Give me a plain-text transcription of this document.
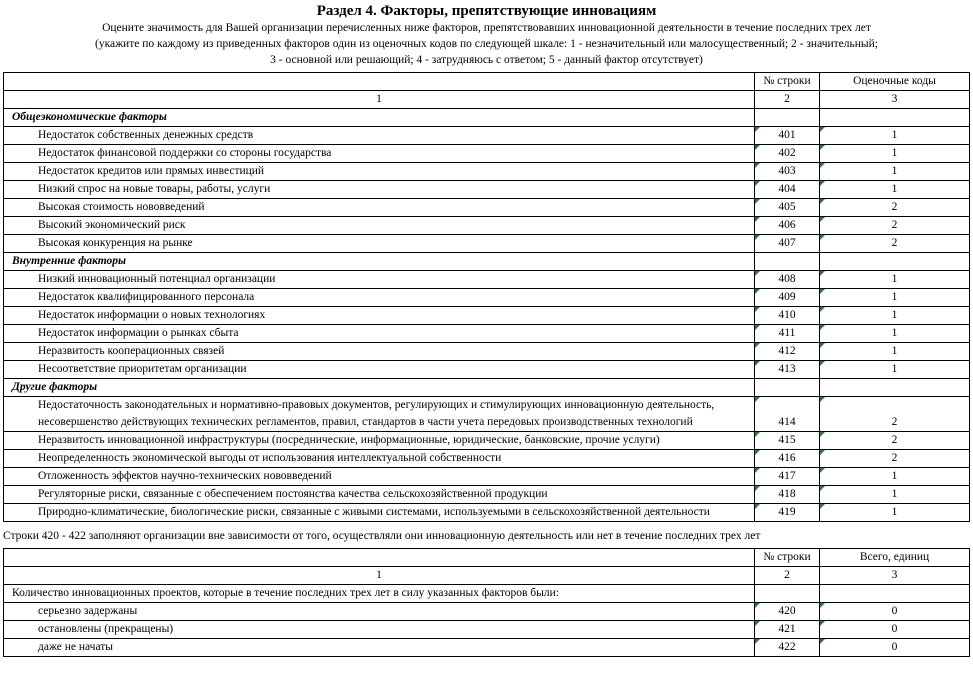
Раздел 4. Факторы, препятствующие инновациям
Оцените значимость для Вашей организации перечисленных ниже факторов, препятствовавших инновационной деятельности в течение последних трех лет
(укажите по каждому из приведенных факторов один из оценочных кодов по следующей шкале: 1 - незначительный или малосущественный; 2 - значительный;
3 - основной или решающий; 4 - затрудняюсь с ответом; 5 - данный фактор отсутствует)
	№ строки	Оценочные коды
1	2	3
Общеэкономические факторы		
Недостаток собственных денежных средств	401	1
Недостаток финансовой поддержки со стороны государства	402	1
Недостаток кредитов или прямых инвестиций	403	1
Низкий спрос на новые товары, работы, услуги	404	1
Высокая стоимость нововведений	405	2
Высокий экономический риск	406	2
Высокая конкуренция на рынке	407	2
Внутренние факторы		
Низкий инновационный потенциал организации	408	1
Недостаток квалифицированного персонала	409	1
Недостаток информации о новых технологиях	410	1
Недостаток информации о рынках сбыта	411	1
Неразвитость кооперационных связей	412	1
Несоответствие приоритетам организации	413	1
Другие факторы		
Недостаточность законодательных и нормативно-правовых документов, регулирующих и стимулирующих инновационную деятельность, несовершенство действующих технических регламентов, правил, стандартов в части учета передовых производственных технологий	414	2
Неразвитость инновационной инфраструктуры (посреднические, информационные, юридические, банковские, прочие услуги)	415	2
Неопределенность экономической выгоды от использования интеллектуальной собственности	416	2
Отложенность эффектов научно-технических нововведений	417	1
Регуляторные риски, связанные с обеспечением постоянства качества сельскохозяйственной продукции	418	1
Природно-климатические, биологические риски, связанные с живыми системами, используемыми в сельскохозяйственной деятельности	419	1
Строки 420 - 422 заполняют организации вне зависимости от того, осуществляли они инновационную деятельность или нет в течение последних трех лет
	№ строки	Всего, единиц
1	2	3
Количество инновационных проектов, которые в течение последних трех лет в силу указанных факторов были:		
серьезно задержаны	420	0
остановлены (прекращены)	421	0
даже не начаты	422	0
